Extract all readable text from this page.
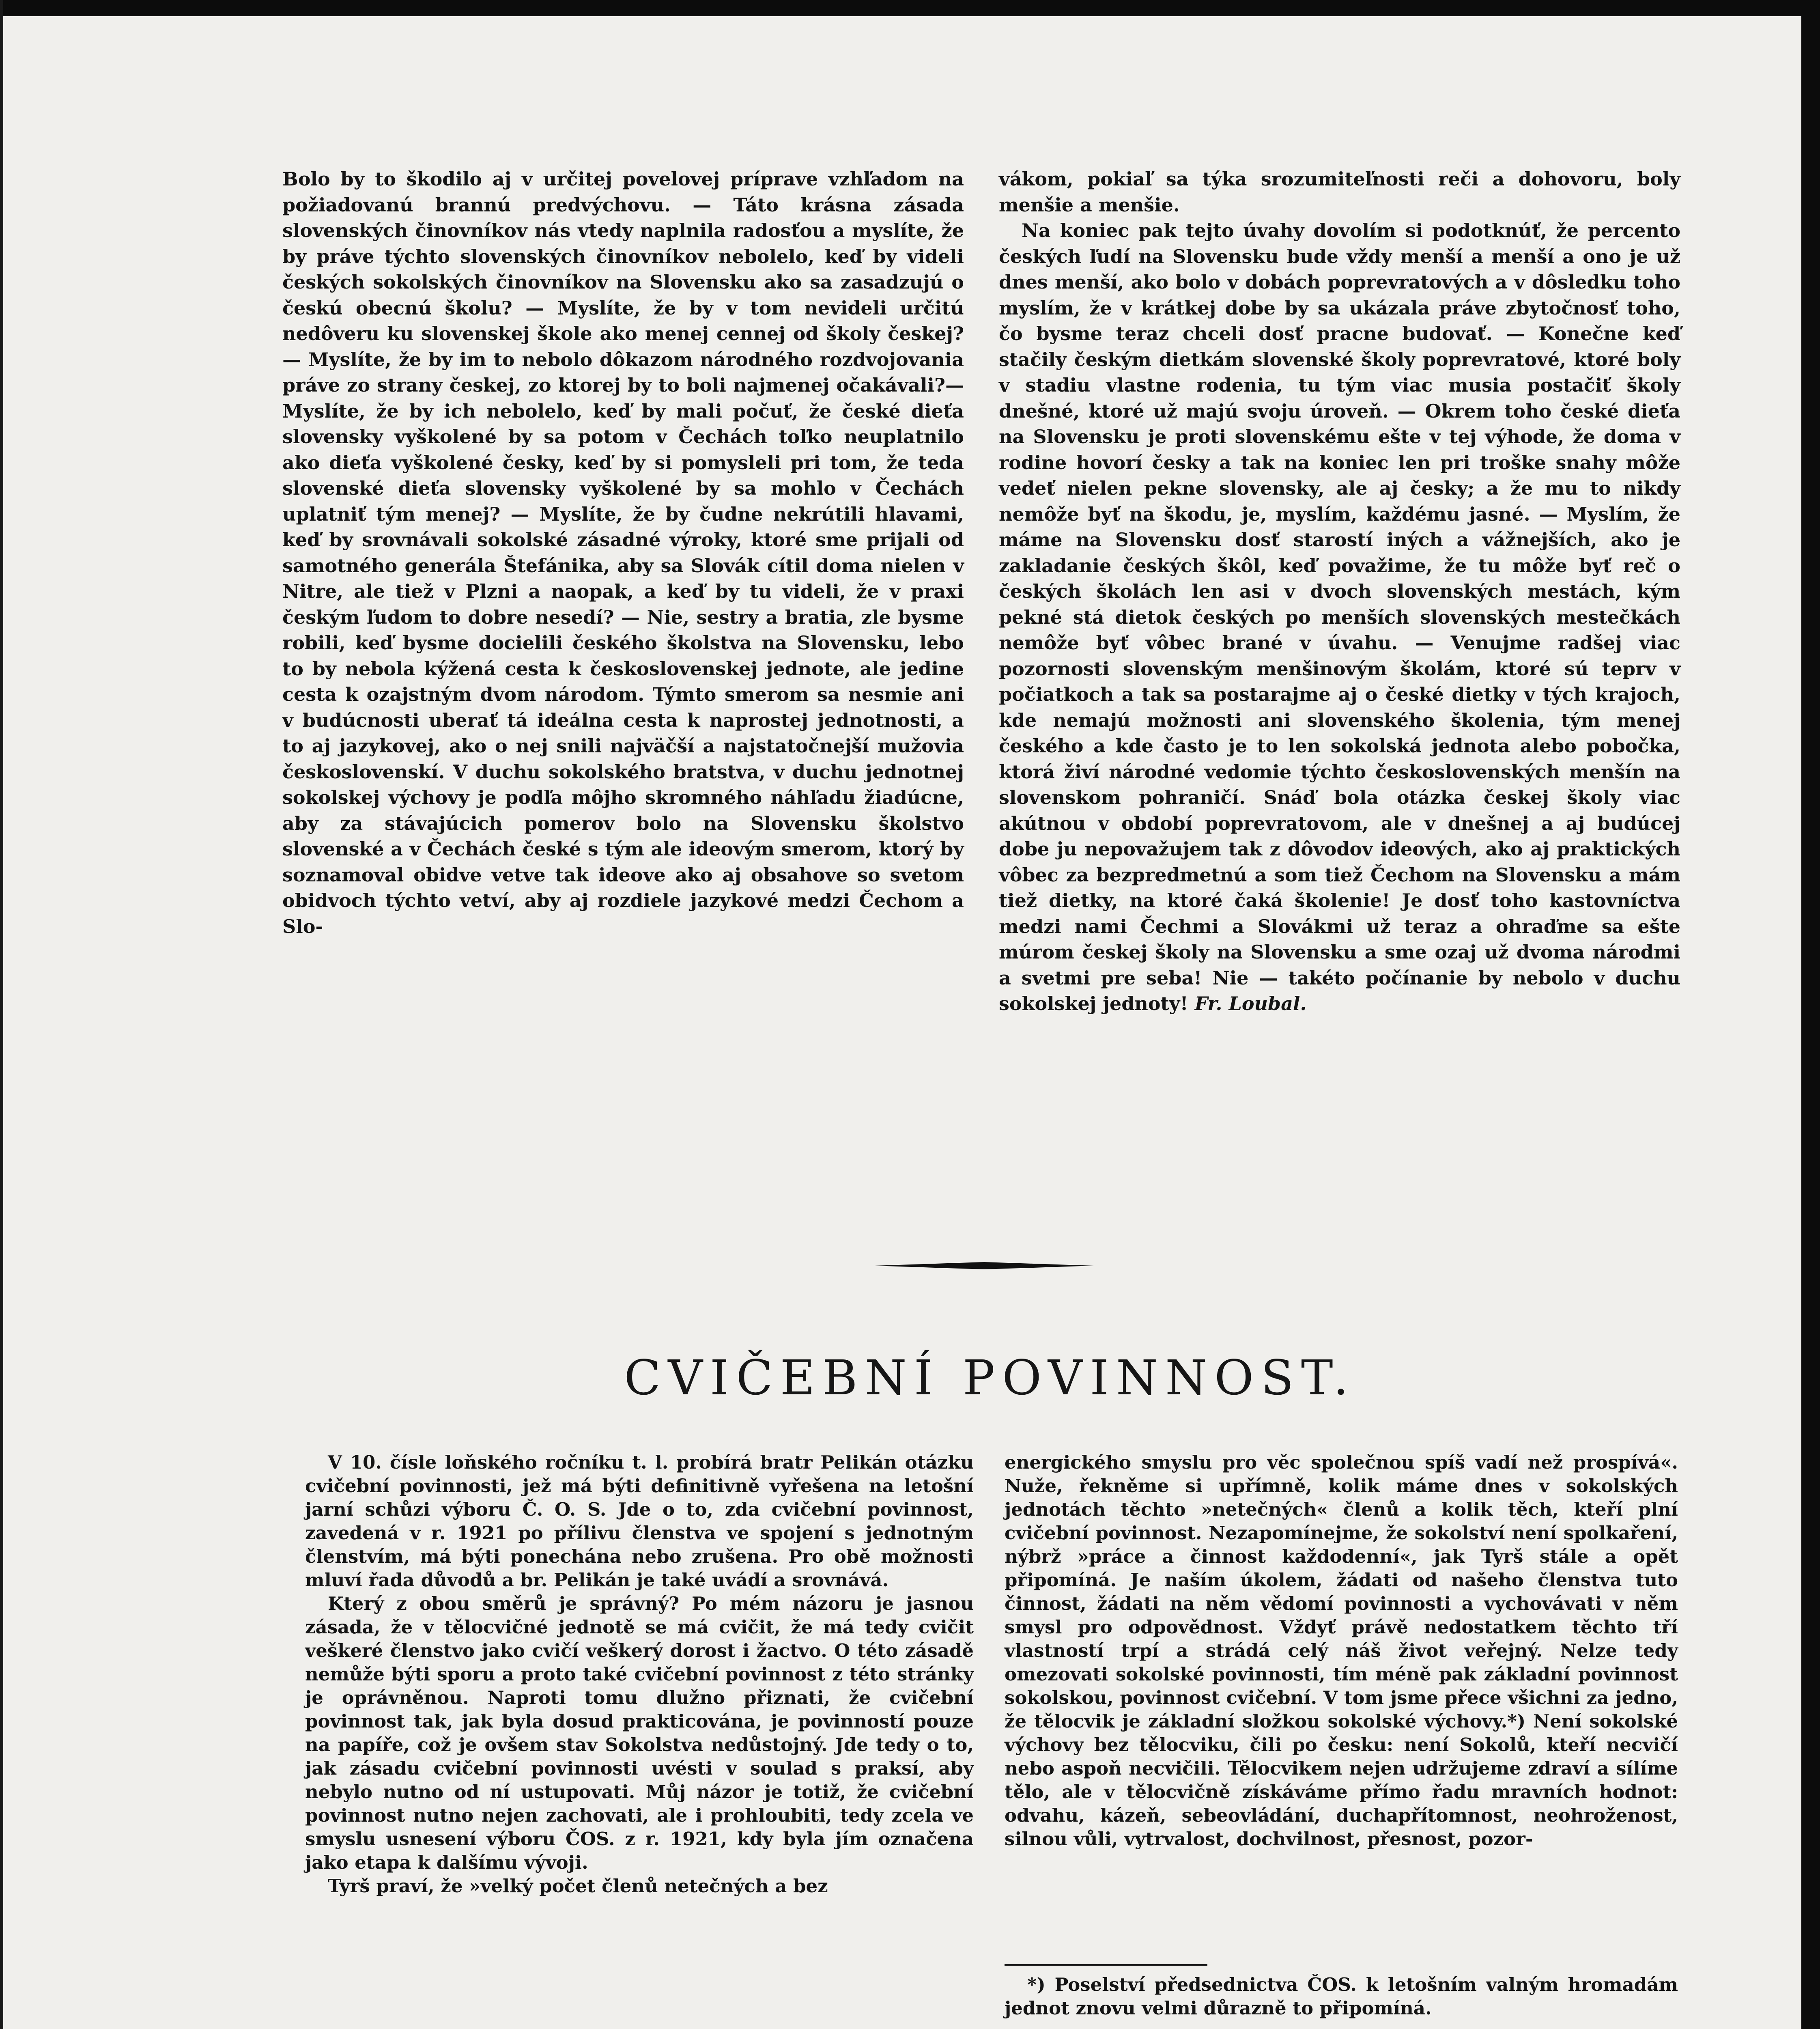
Bolo by to škodilo aj v určitej povelovej príprave vzhľadom na požiadovanú brannú predvýchovu. — Táto krásna zásada slovenských činovníkov nás vtedy naplnila radosťou a myslíte, že by práve týchto slovenských činovníkov nebolelo, keď by videli českých sokolských činovníkov na Slovensku ako sa zasadzujú o českú obecnú školu? — Myslíte, že by v tom nevideli určitú nedôveru ku slovenskej škole ako menej cennej od školy českej? — Myslíte, že by im to nebolo dôkazom národného rozdvojovania práve zo strany českej, zo ktorej by to boli najmenej očakávali?— Myslíte, že by ich nebolelo, keď by mali počuť, že české dieťa slovensky vyškolené by sa potom v Čechách toľko neuplatnilo ako dieťa vyškolené česky, keď by si pomysleli pri tom, že teda slovenské dieťa slovensky vyškolené by sa mohlo v Čechách uplatniť tým menej? — Myslíte, že by čudne nekrútili hlavami, keď by srovnávali sokolské zásadné výroky, ktoré sme prijali od samotného generála Štefánika, aby sa Slovák cítil doma nielen v Nitre, ale tiež v Plzni a naopak, a keď by tu videli, že v praxi českým ľudom to dobre nesedí? — Nie, sestry a bratia, zle bysme robili, keď bysme docielili českého školstva na Slovensku, lebo to by nebola kýžená cesta k československej jednote, ale jedine cesta k ozajstným dvom národom. Týmto smerom sa nesmie ani v budúcnosti uberať tá ideálna cesta k naprostej jednotnosti, a to aj jazykovej, ako o nej snili najväčší a najstatočnejší mužovia československí. V duchu sokolského bratstva, v duchu jednotnej sokolskej výchovy je podľa môjho skromného náhľadu žiadúcne, aby za stávajúcich pomerov bolo na Slovensku školstvo slovenské a v Čechách české s tým ale ideovým smerom, ktorý by soznamoval obidve vetve tak ideove ako aj obsahove so svetom obidvoch týchto vetví, aby aj rozdiele jazykové medzi Čechom a Slo-

vákom, pokiaľ sa týka srozumiteľnosti reči a dohovoru, boly menšie a menšie.

Na koniec pak tejto úvahy dovolím si podotknúť, že percento českých ľudí na Slovensku bude vždy menší a menší a ono je už dnes menší, ako bolo v dobách poprevratových a v dôsledku toho myslím, že v krátkej dobe by sa ukázala práve zbytočnosť toho, čo bysme teraz chceli dosť pracne budovať. — Konečne keď stačily českým dietkám slovenské školy poprevratové, ktoré boly v stadiu vlastne rodenia, tu tým viac musia postačiť školy dnešné, ktoré už majú svoju úroveň. — Okrem toho české dieťa na Slovensku je proti slovenskému ešte v tej výhode, že doma v rodine hovorí česky a tak na koniec len pri troške snahy môže vedeť nielen pekne slovensky, ale aj česky; a že mu to nikdy nemôže byť na škodu, je, myslím, každému jasné. — Myslím, že máme na Slovensku dosť starostí iných a vážnejších, ako je zakladanie českých škôl, keď považime, že tu môže byť reč o českých školách len asi v dvoch slovenských mestách, kým pekné stá dietok českých po menších slovenských mestečkách nemôže byť vôbec brané v úvahu. — Venujme radšej viac pozornosti slovenským menšinovým školám, ktoré sú teprv v počiatkoch a tak sa postarajme aj o české dietky v tých krajoch, kde nemajú možnosti ani slovenského školenia, tým menej českého a kde často je to len sokolská jednota alebo pobočka, ktorá živí národné vedomie týchto československých menšín na slovenskom pohraničí. Snáď bola otázka českej školy viac akútnou v období poprevratovom, ale v dnešnej a aj budúcej dobe ju nepovažujem tak z dôvodov ideových, ako aj praktických vôbec za bezpredmetnú a som tiež Čechom na Slovensku a mám tiež dietky, na ktoré čaká školenie! Je dosť toho kastovníctva medzi nami Čechmi a Slovákmi už teraz a ohraďme sa ešte múrom českej školy na Slovensku a sme ozaj už dvoma národmi a svetmi pre seba! Nie — takéto počínanie by nebolo v duchu sokolskej jednoty! Fr. Loubal.

CVIČEBNÍ POVINNOST.

V 10. čísle loňského ročníku t. l. probírá bratr Pelikán otázku cvičební povinnosti, jež má býti definitivně vyřešena na letošní jarní schůzi výboru Č. O. S. Jde o to, zda cvičební povinnost, zavedená v r. 1921 po přílivu členstva ve spojení s jednotným členstvím, má býti ponechána nebo zrušena. Pro obě možnosti mluví řada důvodů a br. Pelikán je také uvádí a srovnává.

Který z obou směrů je správný? Po mém názoru je jasnou zásada, že v tělocvičné jednotě se má cvičit, že má tedy cvičit veškeré členstvo jako cvičí veškerý dorost i žactvo. O této zásadě nemůže býti sporu a proto také cvičební povinnost z této stránky je oprávněnou. Naproti tomu dlužno přiznati, že cvičební povinnost tak, jak byla dosud prakticována, je povinností pouze na papíře, což je ovšem stav Sokolstva nedůstojný. Jde tedy o to, jak zásadu cvičební povinnosti uvésti v soulad s praksí, aby nebylo nutno od ní ustupovati. Můj názor je totiž, že cvičební povinnost nutno nejen zachovati, ale i prohloubiti, tedy zcela ve smyslu usnesení výboru ČOS. z r. 1921, kdy byla jím označena jako etapa k dalšímu vývoji.

Tyrš praví, že »velký počet členů netečných a bez

energického smyslu pro věc společnou spíš vadí než prospívá«. Nuže, řekněme si upřímně, kolik máme dnes v sokolských jednotách těchto »netečných« členů a kolik těch, kteří plní cvičební povinnost. Nezapomínejme, že sokolství není spolkaření, nýbrž »práce a činnost každodenní«, jak Tyrš stále a opět připomíná. Je naším úkolem, žádati od našeho členstva tuto činnost, žádati na něm vědomí povinnosti a vychovávati v něm smysl pro odpovědnost. Vždyť právě nedostatkem těchto tří vlastností trpí a strádá celý náš život veřejný. Nelze tedy omezovati sokolské povinnosti, tím méně pak základní povinnost sokolskou, povinnost cvičební. V tom jsme přece všichni za jedno, že tělocvik je základní složkou sokolské výchovy.*) Není sokolské výchovy bez tělocviku, čili po česku: není Sokolů, kteří necvičí nebo aspoň necvičili. Tělocvikem nejen udržujeme zdraví a sílíme tělo, ale v tělocvičně získáváme přímo řadu mravních hodnot: odvahu, kázeň, sebeovládání, duchapřítomnost, neohroženost, silnou vůli, vytrvalost, dochvilnost, přesnost, pozor-

*) Poselství předsednictva ČOS. k letošním valným hromadám jednot znovu velmi důrazně to připomíná.
